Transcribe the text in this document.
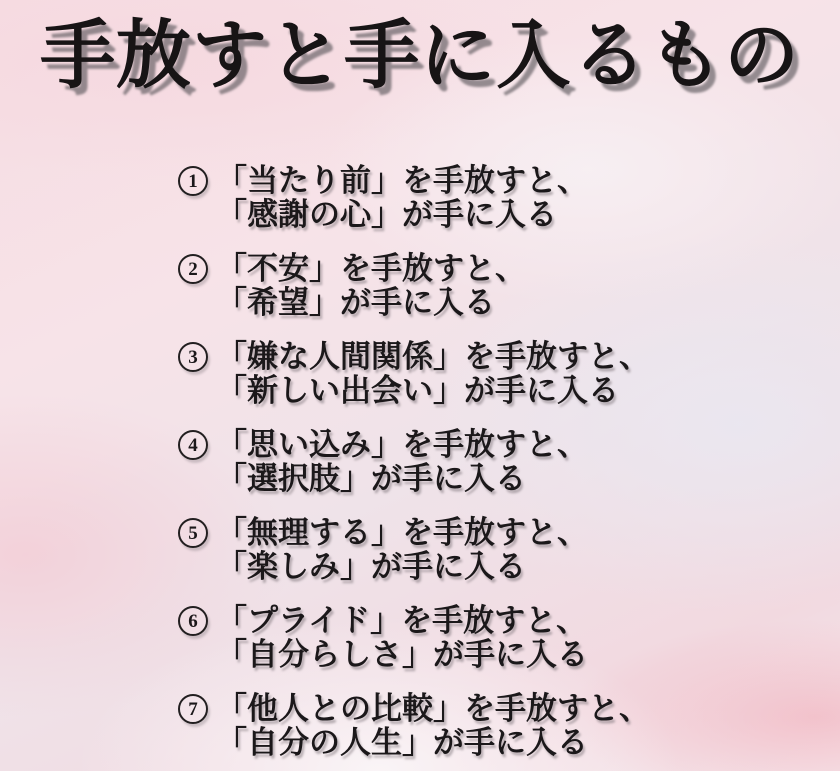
手放すと手に入るもの
1 「当たり前」を手放すと、
「感謝の心」が手に入る
2 「不安」を手放すと、
「希望」が手に入る
3 「嫌な人間関係」を手放すと、
「新しい出会い」が手に入る
4 「思い込み」を手放すと、
「選択肢」が手に入る
5 「無理する」を手放すと、
「楽しみ」が手に入る
6 「プライド」を手放すと、
「自分らしさ」が手に入る
7 「他人との比較」を手放すと、
「自分の人生」が手に入る
